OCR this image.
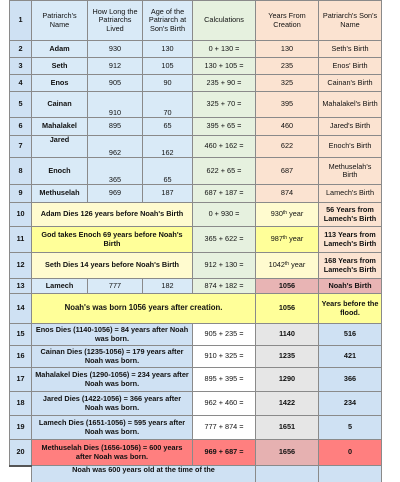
1	Patriarch's Name	How Long the Patriarchs Lived	Age of the Patriarch at Son's Birth	Calculations	Years From Creation	Patriarch's Son's Name
2	Adam	930	130	0 + 130 =	130	Seth's Birth
3	Seth	912	105	130 + 105 =	235	Enos' Birth
4	Enos	905	90	235 + 90 =	325	Cainan's Birth
5	Cainan	910	70	325 + 70 =	395	Mahalakel's Birth
6	Mahalakel	895	65	395 + 65 =	460	Jared's Birth
7	Jared	962	162	460 + 162 =	622	Enoch's Birth
8	Enoch	365	65	622 + 65 =	687	Methuselah's Birth
9	Methuselah	969	187	687 + 187 =	874	Lamech's Birth
10	Adam Dies 126 years before Noah's Birth			0 + 930 =	930th year	56 Years from Lamech's Birth
11	God takes Enoch 69 years before Noah's Birth			365 + 622 =	987th year	113 Years from Lamech's Birth
12	Seth Dies 14 years before Noah's Birth			912 + 130 =	1042th year	168 Years from Lamech's Birth
13	Lamech	777	182	874 + 182 =	1056	Noah's Birth
14	Noah's was born 1056 years after creation.				1056	Years before the flood.
15	Enos Dies (1140-1056) = 84 years after Noah was born.			905 + 235 =	1140	516
16	Cainan Dies (1235-1056) = 179 years after Noah was born.			910 + 325 =	1235	421
17	Mahalakel Dies (1290-1056) = 234 years after Noah was born.			895 + 395 =	1290	366
18	Jared Dies (1422-1056) = 366 years after Noah was born.			962 + 460 =	1422	234
19	Lamech Dies (1651-1056) = 595 years after Noah was born.			777 + 874 =	1651	5
20	Methuselah Dies (1656-1056) = 600 years after Noah was born.			969 + 687 =	1656	0
	Noah was 600 years old at the time of the					
